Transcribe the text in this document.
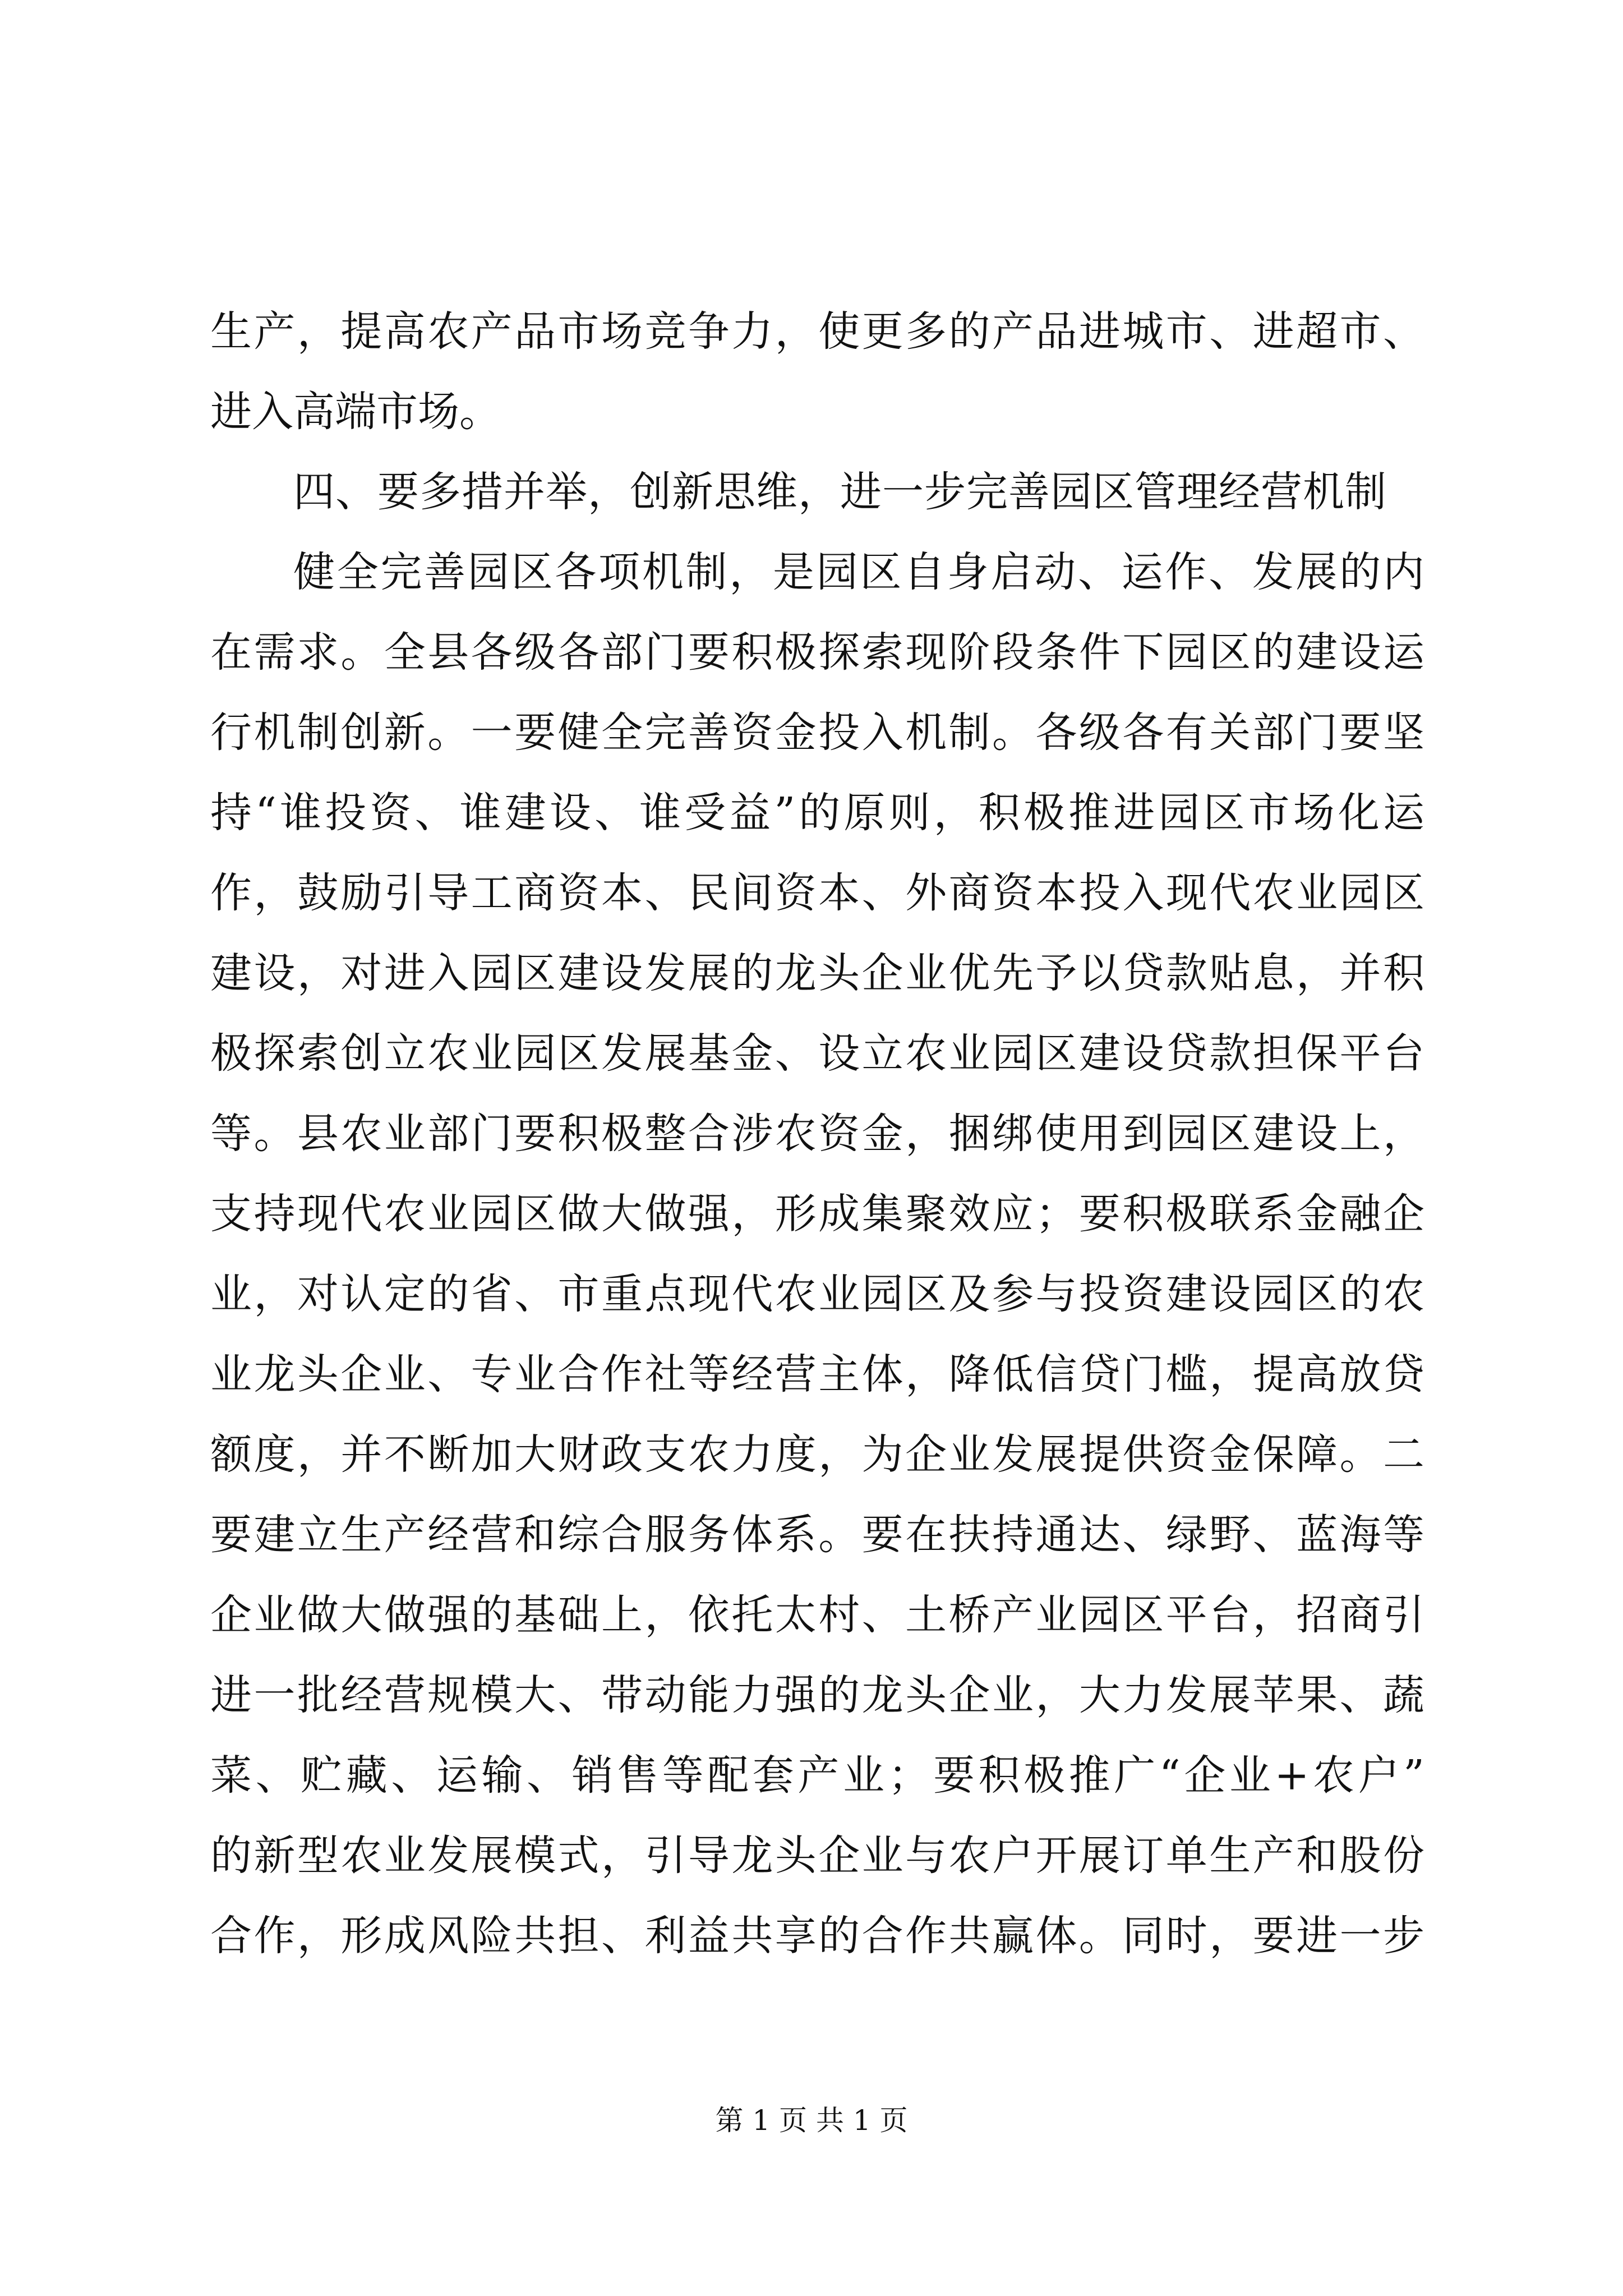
生产，提高农产品市场竞争力，使更多的产品进城市、进超市、
进入高端市场。
四、要多措并举，创新思维，进一步完善园区管理经营机制
健全完善园区各项机制，是园区自身启动、运作、发展的内
在需求。全县各级各部门要积极探索现阶段条件下园区的建设运
行机制创新。一要健全完善资金投入机制。各级各有关部门要坚
持“谁投资、谁建设、谁受益”的原则，积极推进园区市场化运
作，鼓励引导工商资本、民间资本、外商资本投入现代农业园区
建设，对进入园区建设发展的龙头企业优先予以贷款贴息，并积
极探索创立农业园区发展基金、设立农业园区建设贷款担保平台
等。县农业部门要积极整合涉农资金，捆绑使用到园区建设上，
支持现代农业园区做大做强，形成集聚效应；要积极联系金融企
业，对认定的省、市重点现代农业园区及参与投资建设园区的农
业龙头企业、专业合作社等经营主体，降低信贷门槛，提高放贷
额度，并不断加大财政支农力度，为企业发展提供资金保障。二
要建立生产经营和综合服务体系。要在扶持通达、绿野、蓝海等
企业做大做强的基础上，依托太村、土桥产业园区平台，招商引
进一批经营规模大、带动能力强的龙头企业，大力发展苹果、蔬
菜、贮藏、运输、销售等配套产业；要积极推广“企业+农户”
的新型农业发展模式，引导龙头企业与农户开展订单生产和股份
合作，形成风险共担、利益共享的合作共赢体。同时，要进一步
第 1 页 共 1 页
